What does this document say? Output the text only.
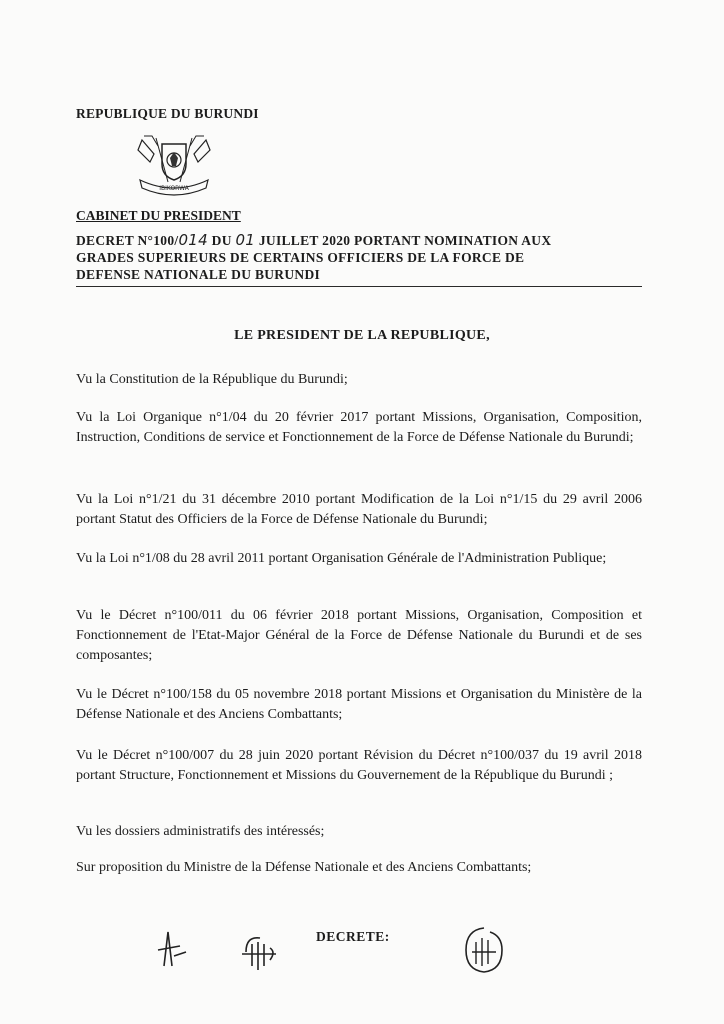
REPUBLIQUE DU BURUNDI
IBIKORWA
CABINET DU PRESIDENT
DECRET N°100/014 DU 01 JUILLET 2020 PORTANT NOMINATION AUX
GRADES SUPERIEURS DE CERTAINS OFFICIERS DE LA FORCE DE
DEFENSE NATIONALE DU BURUNDI
LE PRESIDENT DE LA REPUBLIQUE,
Vu la Constitution de la République du Burundi;
Vu la Loi Organique n°1/04 du 20 février 2017 portant Missions, Organisation, Composition, Instruction, Conditions de service et Fonctionnement de la Force de Défense Nationale du Burundi;
Vu la Loi n°1/21 du 31 décembre 2010 portant Modification de la Loi n°1/15 du 29 avril 2006 portant Statut des Officiers de la Force de Défense Nationale du Burundi;
Vu la Loi n°1/08 du 28 avril 2011 portant Organisation Générale de l'Administration Publique;
Vu le Décret n°100/011 du 06 février 2018 portant Missions, Organisation, Composition et Fonctionnement de l'Etat-Major Général de la Force de Défense Nationale du Burundi et de ses composantes;
Vu le Décret n°100/158 du 05 novembre 2018 portant Missions et Organisation du Ministère de la Défense Nationale et des Anciens Combattants;
Vu le Décret n°100/007 du 28 juin 2020 portant Révision du Décret n°100/037 du 19 avril 2018 portant Structure, Fonctionnement et Missions du Gouvernement de la République du Burundi ;
Vu les dossiers administratifs des intéressés;
Sur proposition du Ministre de la Défense Nationale et des Anciens Combattants;
DECRETE:
